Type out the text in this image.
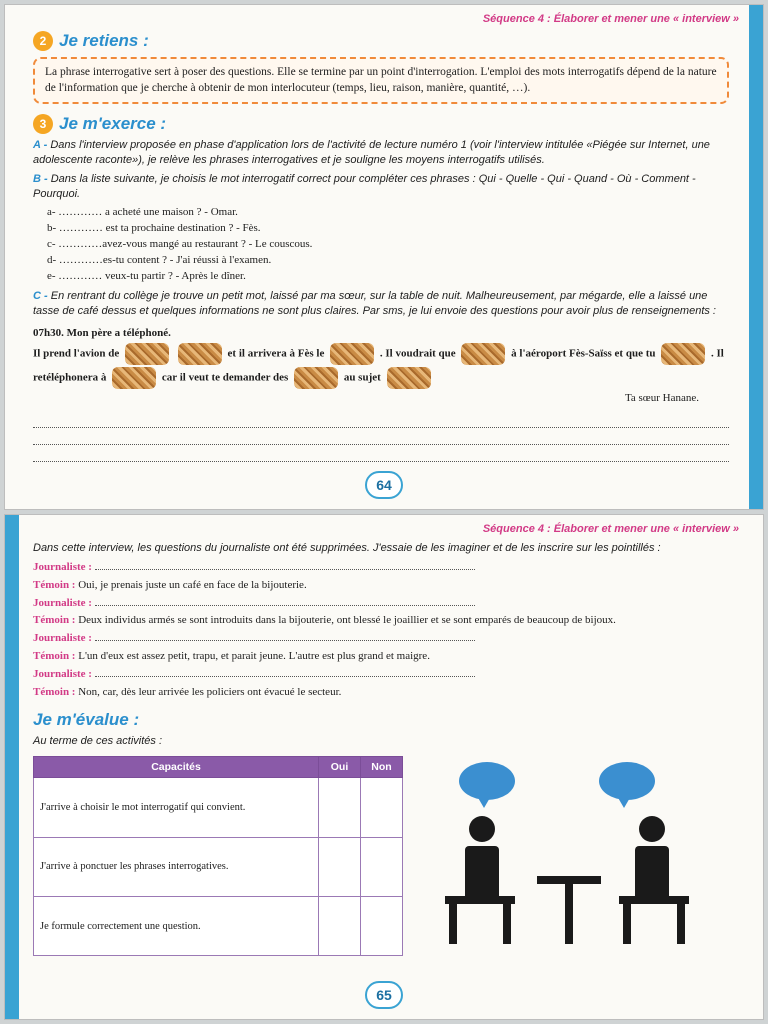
Séquence 4 : Élaborer et mener une « interview »
2 Je retiens :
La phrase interrogative sert à poser des questions. Elle se termine par un point d'interrogation. L'emploi des mots interrogatifs dépend de la nature de l'information que je cherche à obtenir de mon interlocuteur (temps, lieu, raison, manière, quantité, …).
3 Je m'exerce :

A - Dans l'interview proposée en phase d'application lors de l'activité de lecture numéro 1 (voir l'interview intitulée «Piégée sur Internet, une adolescente raconte»), je relève les phrases interrogatives et je souligne les moyens interrogatifs utilisés.

B - Dans la liste suivante, je choisis le mot interrogatif correct pour compléter ces phrases : Qui - Quelle - Qui - Quand - Où - Comment - Pourquoi.

a- ………… a acheté une maison ? - Omar.
b- ………… est ta prochaine destination ? - Fès.
c- …………avez-vous mangé au restaurant ? - Le couscous.
d- …………es-tu content ? - J'ai réussi à l'examen.
e- ………… veux-tu partir ? - Après le dîner.

C - En rentrant du collège je trouve un petit mot, laissé par ma sœur, sur la table de nuit. Malheureusement, par mégarde, elle a laissé une tasse de café dessus et quelques informations ne sont plus claires. Par sms, je lui envoie des questions pour avoir plus de renseignements :

07h30. Mon père a téléphoné.
Il prend l'avion de	et il arrivera à Fès le	. Il voudrait que	à l'aéroport Fès-Saïss et que tu	. Il retéléphonera à	car il veut te demander des	au sujet
Ta sœur Hanane.
64
Séquence 4 : Élaborer et mener une « interview »

Dans cette interview, les questions du journaliste ont été supprimées. J'essaie de les imaginer et de les inscrire sur les pointillés :

Journaliste :
Témoin : Oui, je prenais juste un café en face de la bijouterie.
Journaliste :
Témoin : Deux individus armés se sont introduits dans la bijouterie, ont blessé le joaillier et se sont emparés de beaucoup de bijoux.
Journaliste :
Témoin : L'un d'eux est assez petit, trapu, et parait jeune. L'autre est plus grand et maigre.
Journaliste :
Témoin : Non, car, dès leur arrivée les policiers ont évacué le secteur.
Je m'évalue :

Au terme de ces activités :

Capacités	Oui	Non
J'arrive à choisir le mot interrogatif qui convient.		
J'arrive à ponctuer les phrases interrogatives.		
Je formule correctement une question.		
65
